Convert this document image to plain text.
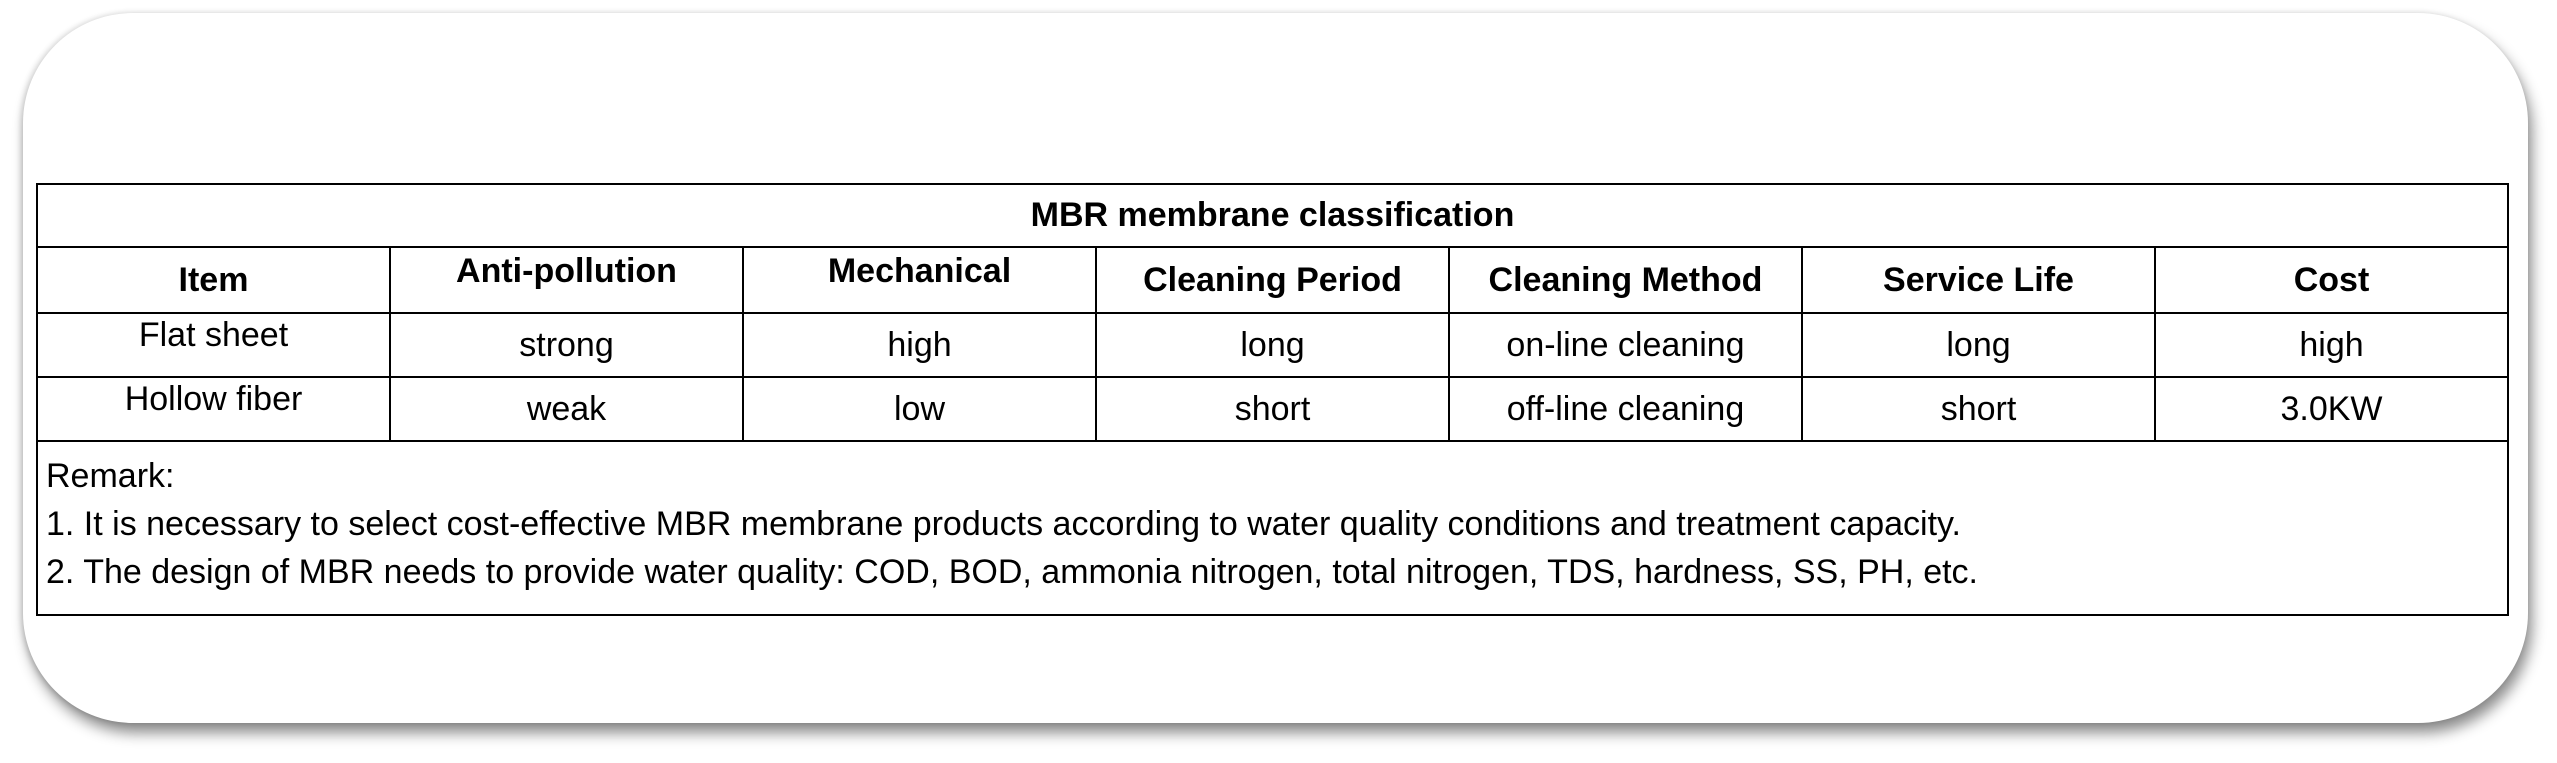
MBR membrane classification						
Item	Anti-pollution	Mechanical	Cleaning Period	Cleaning Method	Service Life	Cost
Flat sheet	strong	high	long	on-line cleaning	long	high
Hollow fiber	weak	low	short	off-line cleaning	short	3.0KW

Remark:
1. It is necessary to select cost-effective MBR membrane products according to water quality conditions and treatment capacity.
2. The design of MBR needs to provide water quality: COD, BOD, ammonia nitrogen, total nitrogen, TDS, hardness, SS, PH, etc.						
